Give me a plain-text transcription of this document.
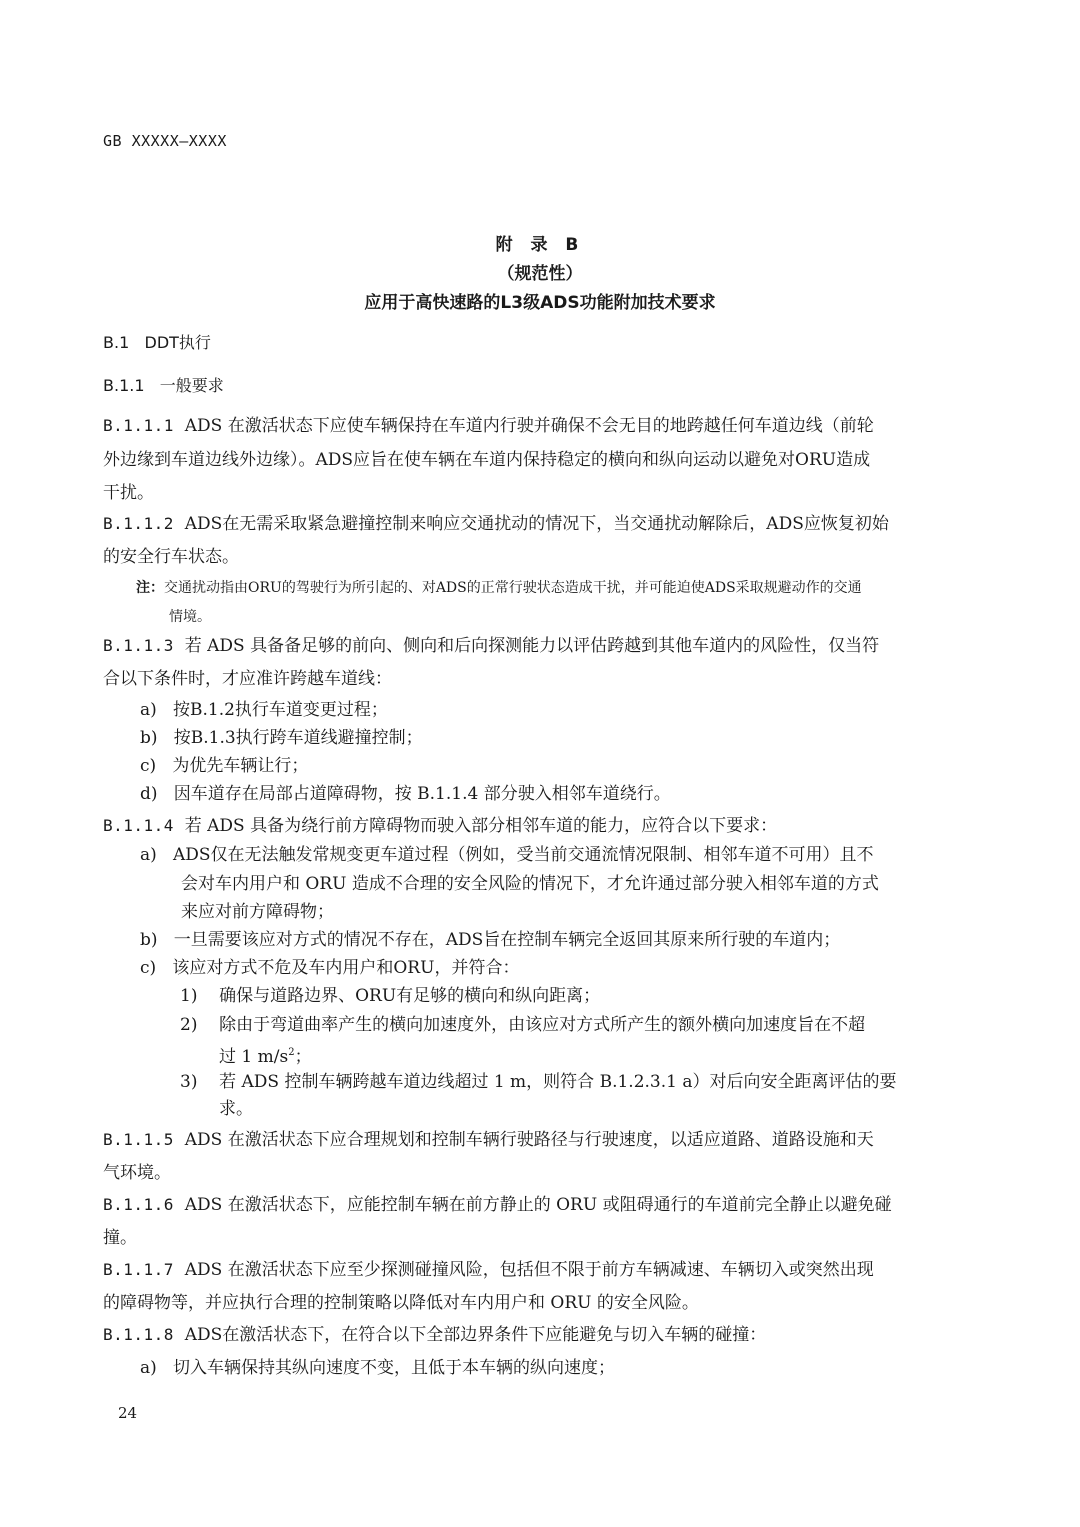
GB XXXXX—XXXX
附 录 B
（规范性）
应用于高快速路的L3级ADS功能附加技术要求
B.1 DDT执行
B.1.1 一般要求
B.1.1.1 ADS 在激活状态下应使车辆保持在车道内行驶并确保不会无目的地跨越任何车道边线（前轮
外边缘到车道边线外边缘）。ADS应旨在使车辆在车道内保持稳定的横向和纵向运动以避免对ORU造成
干扰。
B.1.1.2 ADS在无需采取紧急避撞控制来响应交通扰动的情况下，当交通扰动解除后，ADS应恢复初始
的安全行车状态。
注：交通扰动指由ORU的驾驶行为所引起的、对ADS的正常行驶状态造成干扰，并可能迫使ADS采取规避动作的交通
情境。
B.1.1.3 若 ADS 具备备足够的前向、侧向和后向探测能力以评估跨越到其他车道内的风险性，仅当符
合以下条件时，才应准许跨越车道线：
a) 按B.1.2执行车道变更过程；
b) 按B.1.3执行跨车道线避撞控制；
c) 为优先车辆让行；
d) 因车道存在局部占道障碍物，按 B.1.1.4 部分驶入相邻车道绕行。
B.1.1.4 若 ADS 具备为绕行前方障碍物而驶入部分相邻车道的能力，应符合以下要求：
a) ADS仅在无法触发常规变更车道过程（例如，受当前交通流情况限制、相邻车道不可用）且不
会对车内用户和 ORU 造成不合理的安全风险的情况下，才允许通过部分驶入相邻车道的方式
来应对前方障碍物；
b) 一旦需要该应对方式的情况不存在，ADS旨在控制车辆完全返回其原来所行驶的车道内；
c) 该应对方式不危及车内用户和ORU，并符合：
1) 确保与道路边界、ORU有足够的横向和纵向距离；
2) 除由于弯道曲率产生的横向加速度外，由该应对方式所产生的额外横向加速度旨在不超
过 1 $m/s^2$；
3) 若 ADS 控制车辆跨越车道边线超过 1 m，则符合 B.1.2.3.1 a）对后向安全距离评估的要
求。
B.1.1.5 ADS 在激活状态下应合理规划和控制车辆行驶路径与行驶速度，以适应道路、道路设施和天
气环境。
B.1.1.6 ADS 在激活状态下，应能控制车辆在前方静止的 ORU 或阻碍通行的车道前完全静止以避免碰
撞。
B.1.1.7 ADS 在激活状态下应至少探测碰撞风险，包括但不限于前方车辆减速、车辆切入或突然出现
的障碍物等，并应执行合理的控制策略以降低对车内用户和 ORU 的安全风险。
B.1.1.8 ADS在激活状态下，在符合以下全部边界条件下应能避免与切入车辆的碰撞：
a) 切入车辆保持其纵向速度不变，且低于本车辆的纵向速度；
24
